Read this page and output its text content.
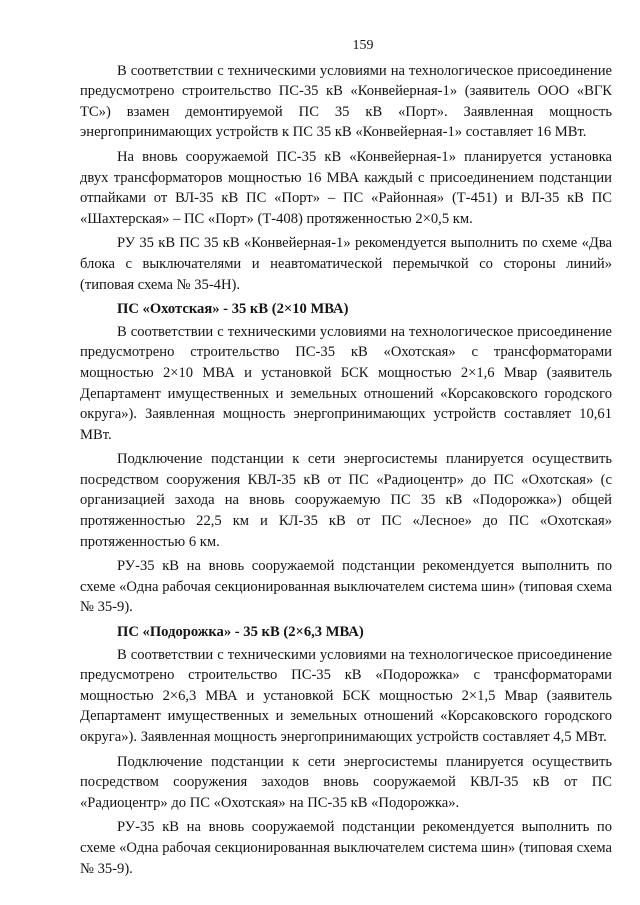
159

В соответствии с техническими условиями на технологическое присоединение предусмотрено строительство ПС-35 кВ «Конвейерная-1» (заявитель ООО «ВГК ТС») взамен демонтируемой ПС 35 кВ «Порт». Заявленная мощность энергопринимающих устройств к ПС 35 кВ «Конвейерная-1» составляет 16 МВт.

На вновь сооружаемой ПС-35 кВ «Конвейерная-1» планируется установка двух трансформаторов мощностью 16 МВА каждый с присоединением подстанции отпайками от ВЛ-35 кВ ПС «Порт» – ПС «Районная» (Т-451) и ВЛ-35 кВ ПС «Шахтерская» – ПС «Порт» (Т-408) протяженностью 2×0,5 км.

РУ 35 кВ ПС 35 кВ «Конвейерная-1» рекомендуется выполнить по схеме «Два блока с выключателями и неавтоматической перемычкой со стороны линий» (типовая схема № 35-4Н).

ПС «Охотская» - 35 кВ (2×10 МВА)

В соответствии с техническими условиями на технологическое присоединение предусмотрено строительство ПС-35 кВ «Охотская» с трансформаторами мощностью 2×10 МВА и установкой БСК мощностью 2×1,6 Мвар (заявитель Департамент имущественных и земельных отношений «Корсаковского городского округа»). Заявленная мощность энергопринимающих устройств составляет 10,61 МВт.

Подключение подстанции к сети энергосистемы планируется осуществить посредством сооружения КВЛ-35 кВ от ПС «Радиоцентр» до ПС «Охотская» (с организацией захода на вновь сооружаемую ПС 35 кВ «Подорожка») общей протяженностью 22,5 км и КЛ-35 кВ от ПС «Лесное» до ПС «Охотская» протяженностью 6 км.

РУ-35 кВ на вновь сооружаемой подстанции рекомендуется выполнить по схеме «Одна рабочая секционированная выключателем система шин» (типовая схема № 35-9).

ПС «Подорожка» - 35 кВ (2×6,3 МВА)

В соответствии с техническими условиями на технологическое присоединение предусмотрено строительство ПС-35 кВ «Подорожка» с трансформаторами мощностью 2×6,3 МВА и установкой БСК мощностью 2×1,5 Мвар (заявитель Департамент имущественных и земельных отношений «Корсаковского городского округа»). Заявленная мощность энергопринимающих устройств составляет 4,5 МВт.

Подключение подстанции к сети энергосистемы планируется осуществить посредством сооружения заходов вновь сооружаемой КВЛ-35 кВ от ПС «Радиоцентр» до ПС «Охотская» на ПС-35 кВ «Подорожка».

РУ-35 кВ на вновь сооружаемой подстанции рекомендуется выполнить по схеме «Одна рабочая секционированная выключателем система шин» (типовая схема № 35-9).
